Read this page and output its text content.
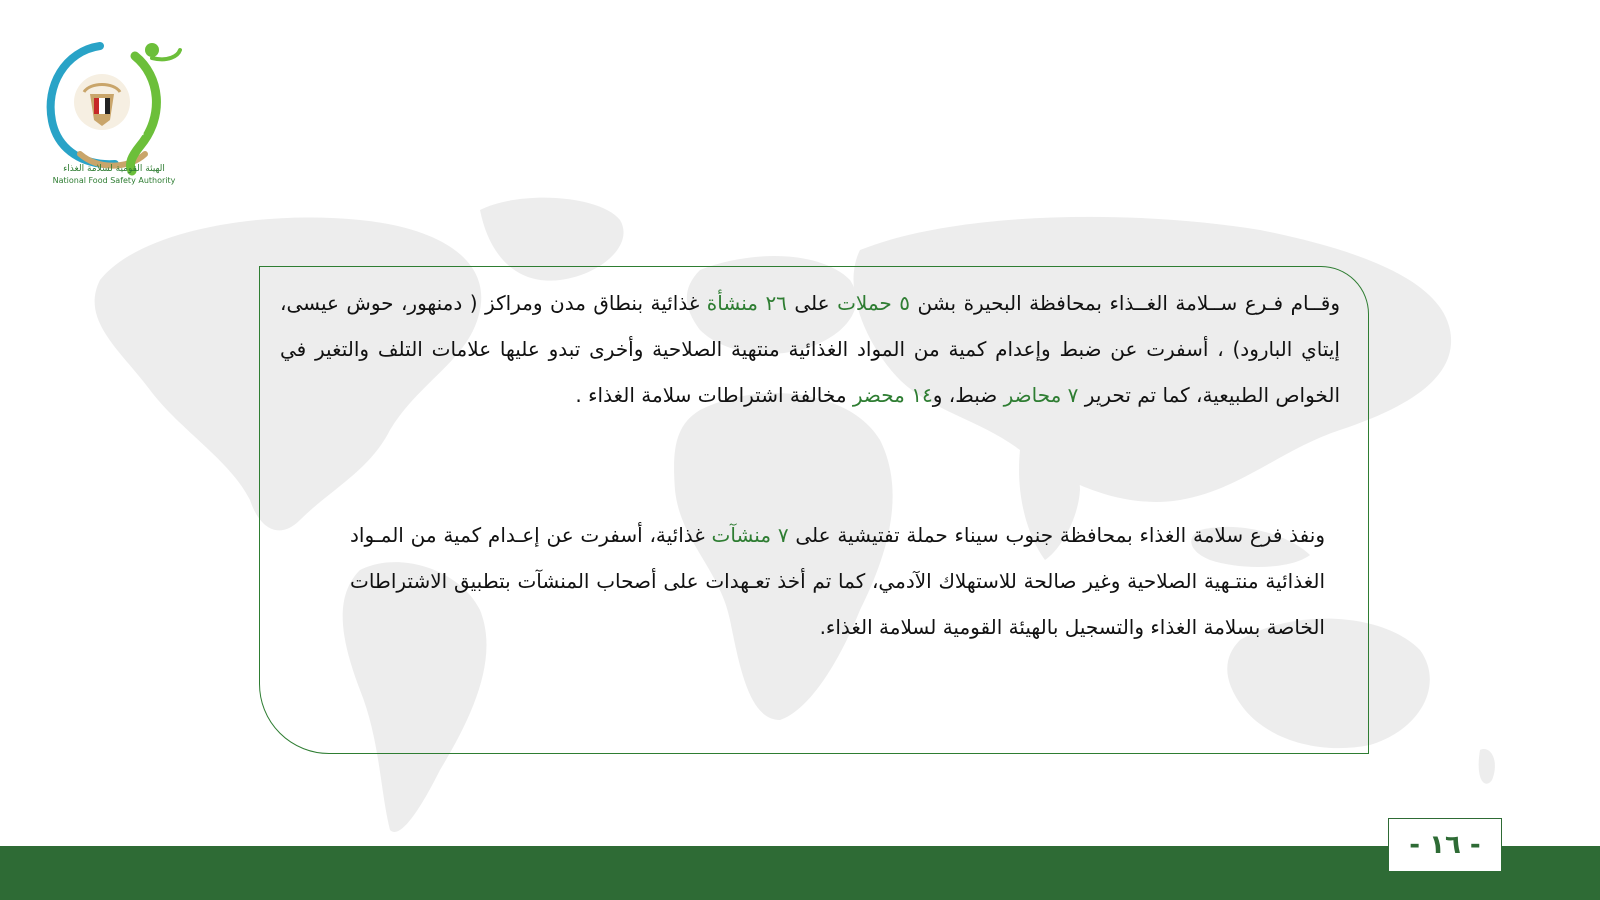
NFSA
الهيئة القومية لسلامة الغذاء
National Food Safety Authority
وقــام فـرع ســلامة الغــذاء بمحافظة البحيرة بشن ٥ حملات على ٢٦ منشأة غذائية بنطاق مدن ومراكز ( دمنهور، حوش عيسى، إيتاي البارود) ، أسفرت عن ضبط وإعدام كمية من المواد الغذائية منتهية الصلاحية وأخرى تبدو عليها علامات التلف والتغير في الخواص الطبيعية، كما تم تحرير ٧ محاضر ضبط، و١٤ محضر مخالفة اشتراطات سلامة الغذاء .
ونفذ فرع سلامة الغذاء بمحافظة جنوب سيناء حملة تفتيشية على ٧ منشآت غذائية، أسفرت عن إعـدام كمية من المـواد الغذائية منتـهية الصلاحية وغير صالحة للاستهلاك الآدمي، كما تم أخذ تعـهدات على أصحاب المنشآت بتطبيق الاشتراطات الخاصة بسلامة الغذاء والتسجيل بالهيئة القومية لسلامة الغذاء.
- ١٦ -
